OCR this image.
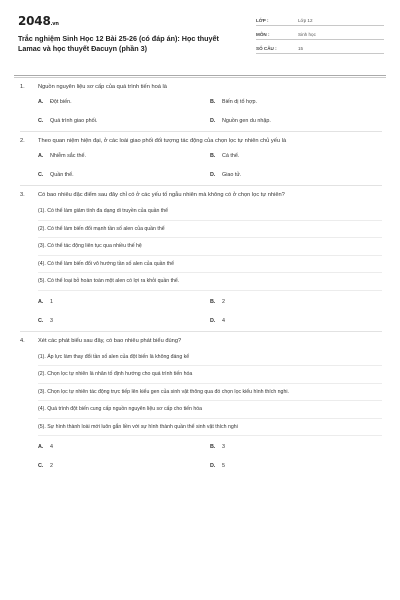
2048.vn
Trắc nghiệm Sinh Học 12 Bài 25-26 (có đáp án): Học thuyết Lamac và học thuyết Đacuyn (phần 3)
LỚP :	Lớp 12
MÔN :	Sinh học
SỐ CÂU :	15
1.	Nguồn nguyên liệu sơ cấp của quá trình tiến hoá là
A.	Đột biến.	B.	Biến dị tổ hợp.
C.	Quá trình giao phối.	D.	Nguồn gen du nhập.
2.	Theo quan niệm hiện đại, ở các loài giao phối đối tượng tác động của chọn lọc tự nhiên chủ yếu là
A.	Nhiễm sắc thể.	B.	Cá thể.
C.	Quần thể.	D.	Giao tử.
3.	Có bao nhiêu đặc điểm sau đây chỉ có ở các yếu tố ngẫu nhiên mà không có ở chọn lọc tự nhiên?
(1). Có thể làm giảm tính đa dạng di truyền của quần thể
(2). Có thể làm biến đổi mạnh tần số alen của quần thể
(3). Có thể tác động liên tục qua nhiều thế hệ
(4). Có thể làm biến đổi vô hướng tần số alen của quần thể
(5). Có thể loại bỏ hoàn toàn một alen có lợi ra khỏi quần thể.
A.	1	B.	2
C.	3	D.	4
4.	Xét các phát biểu sau đây, có bao nhiêu phát biểu đúng?
(1). Áp lực làm thay đổi tần số alen của đột biến là không đáng kể
(2). Chọn lọc tự nhiên là nhân tố định hướng cho quá trình tiến hóa
(3). Chọn lọc tự nhiên tác động trực tiếp lên kiểu gen của sinh vật thông qua đó chọn lọc kiểu hình thích nghi.
(4). Quá trình đột biến cung cấp nguồn nguyên liệu sơ cấp cho tiến hóa
(5). Sự hình thành loài mới luôn gắn liền với sự hình thành quần thể sinh vật thích nghi
A.	4	B.	3
C.	2	D.	5
